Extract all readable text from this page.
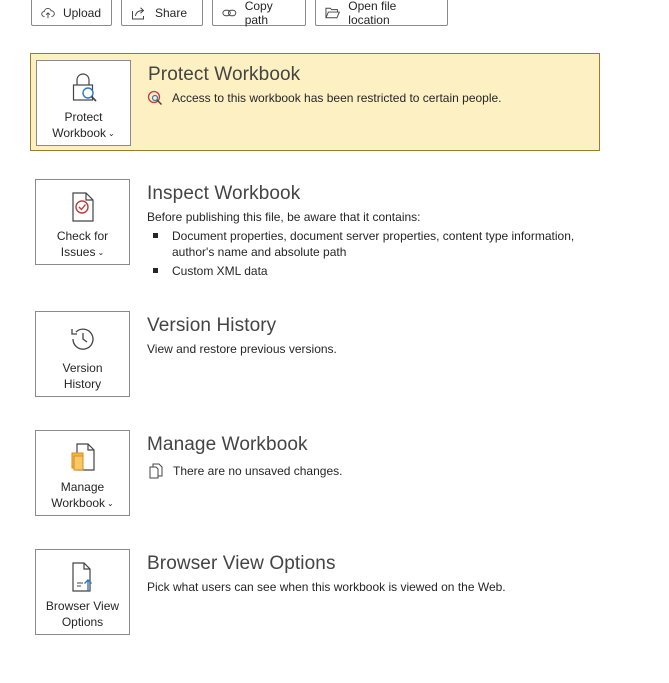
Upload	Share	Copy path
Open file location
Protect
Workbook ⌄
Protect Workbook
Access to this workbook has been restricted to certain people.
Check for
Issues ⌄
Inspect Workbook
Before publishing this file, be aware that it contains:
Document properties, document server properties, content type information, author's name and absolute path
Custom XML data
Version
History
Version History
View and restore previous versions.
Manage
Workbook ⌄
Manage Workbook
There are no unsaved changes.
Browser View
Options
Browser View Options
Pick what users can see when this workbook is viewed on the Web.
